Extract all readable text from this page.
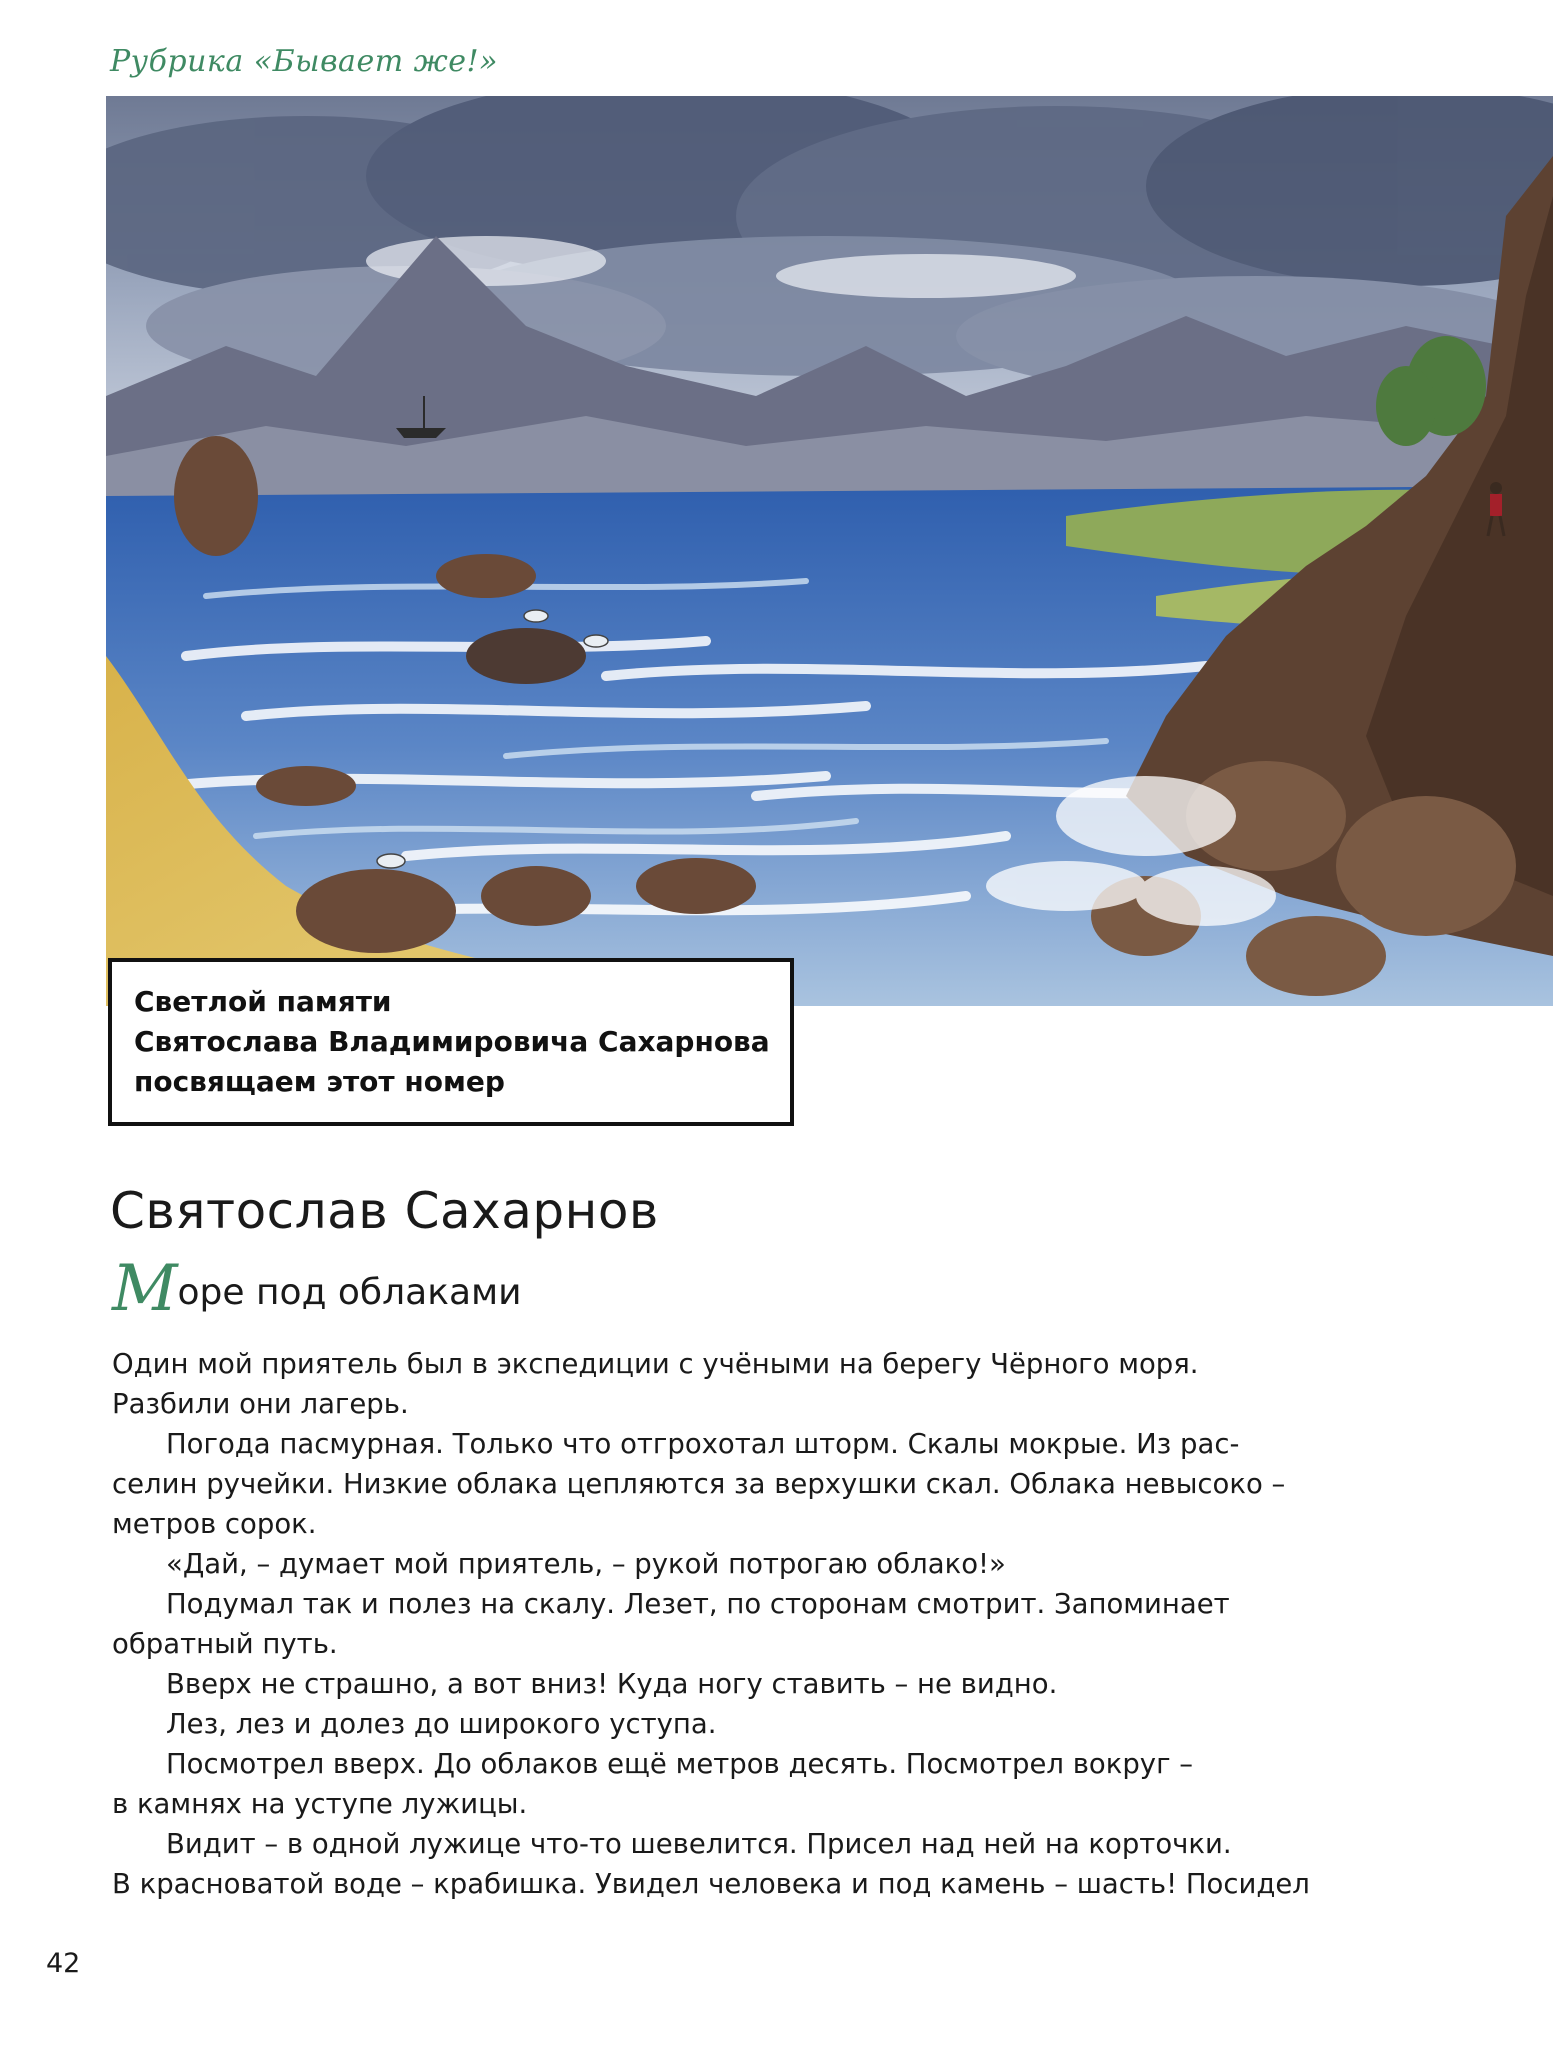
Рубрика «Бывает же!»
Светлой памяти
Святослава Владимировича Сахарнова
посвящаем этот номер
Святослав Сахарнов
Море под облаками
Один мой приятель был в экспедиции с учёными на берегу Чёрного моря.
Разбили они лагерь.
Погода пасмурная. Только что отгрохотал шторм. Скалы мокрые. Из рас-
селин ручейки. Низкие облака цепляются за верхушки скал. Облака невысоко –
метров сорок.
«Дай, – думает мой приятель, – рукой потрогаю облако!»
Подумал так и полез на скалу. Лезет, по сторонам смотрит. Запоминает
обратный путь.
Вверх не страшно, а вот вниз! Куда ногу ставить – не видно.
Лез, лез и долез до широкого уступа.
Посмотрел вверх. До облаков ещё метров десять. Посмотрел вокруг –
в камнях на уступе лужицы.
Видит – в одной лужице что-то шевелится. Присел над ней на корточки.
В красноватой воде – крабишка. Увидел человека и под камень – шасть! Посидел
42
